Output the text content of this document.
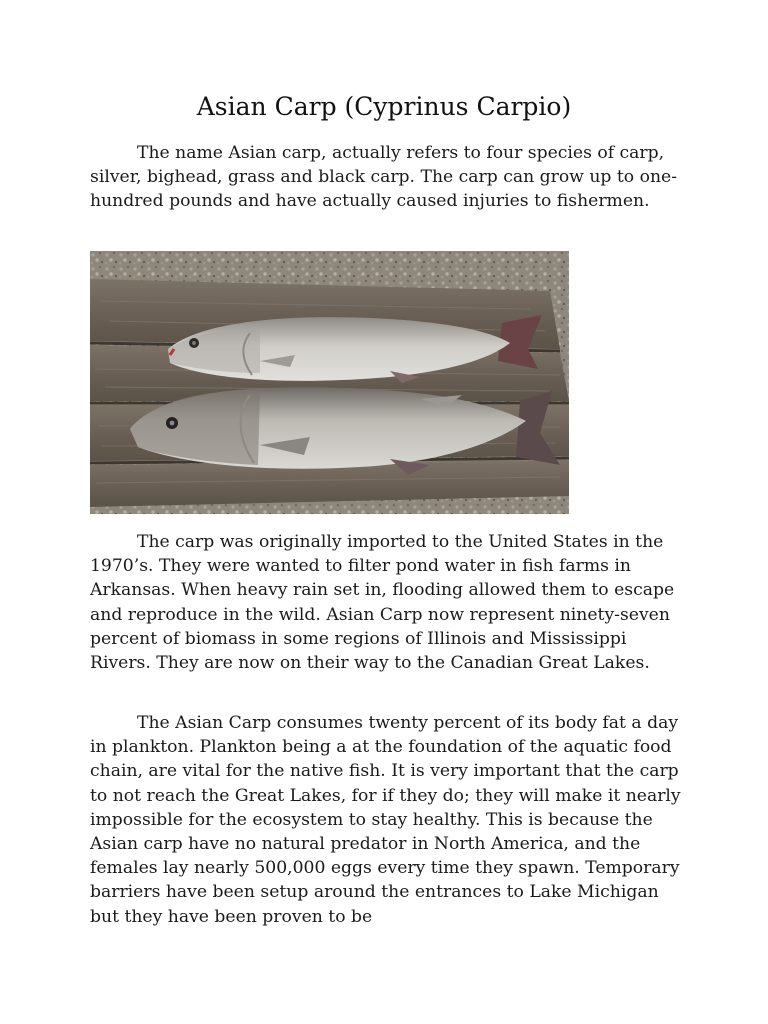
Asian Carp (Cyprinus Carpio)

The name Asian carp, actually refers to four species of carp, silver, bighead, grass and black carp. The carp can grow up to one-hundred pounds and have actually caused injuries to fishermen.

The carp was originally imported to the United States in the 1970’s. They were wanted to filter pond water in fish farms in Arkansas. When heavy rain set in, flooding allowed them to escape and reproduce in the wild. Asian Carp now represent ninety-seven percent of biomass in some regions of Illinois and Mississippi Rivers. They are now on their way to the Canadian Great Lakes.

The Asian Carp consumes twenty percent of its body fat a day in plankton. Plankton being a at the foundation of the aquatic food chain, are vital for the native fish. It is very important that the carp to not reach the Great Lakes, for if they do; they will make it nearly impossible for the ecosystem to stay healthy. This is because the Asian carp have no natural predator in North America, and the females lay nearly 500,000 eggs every time they spawn. Temporary barriers have been setup around the entrances to Lake Michigan but they have been proven to be
